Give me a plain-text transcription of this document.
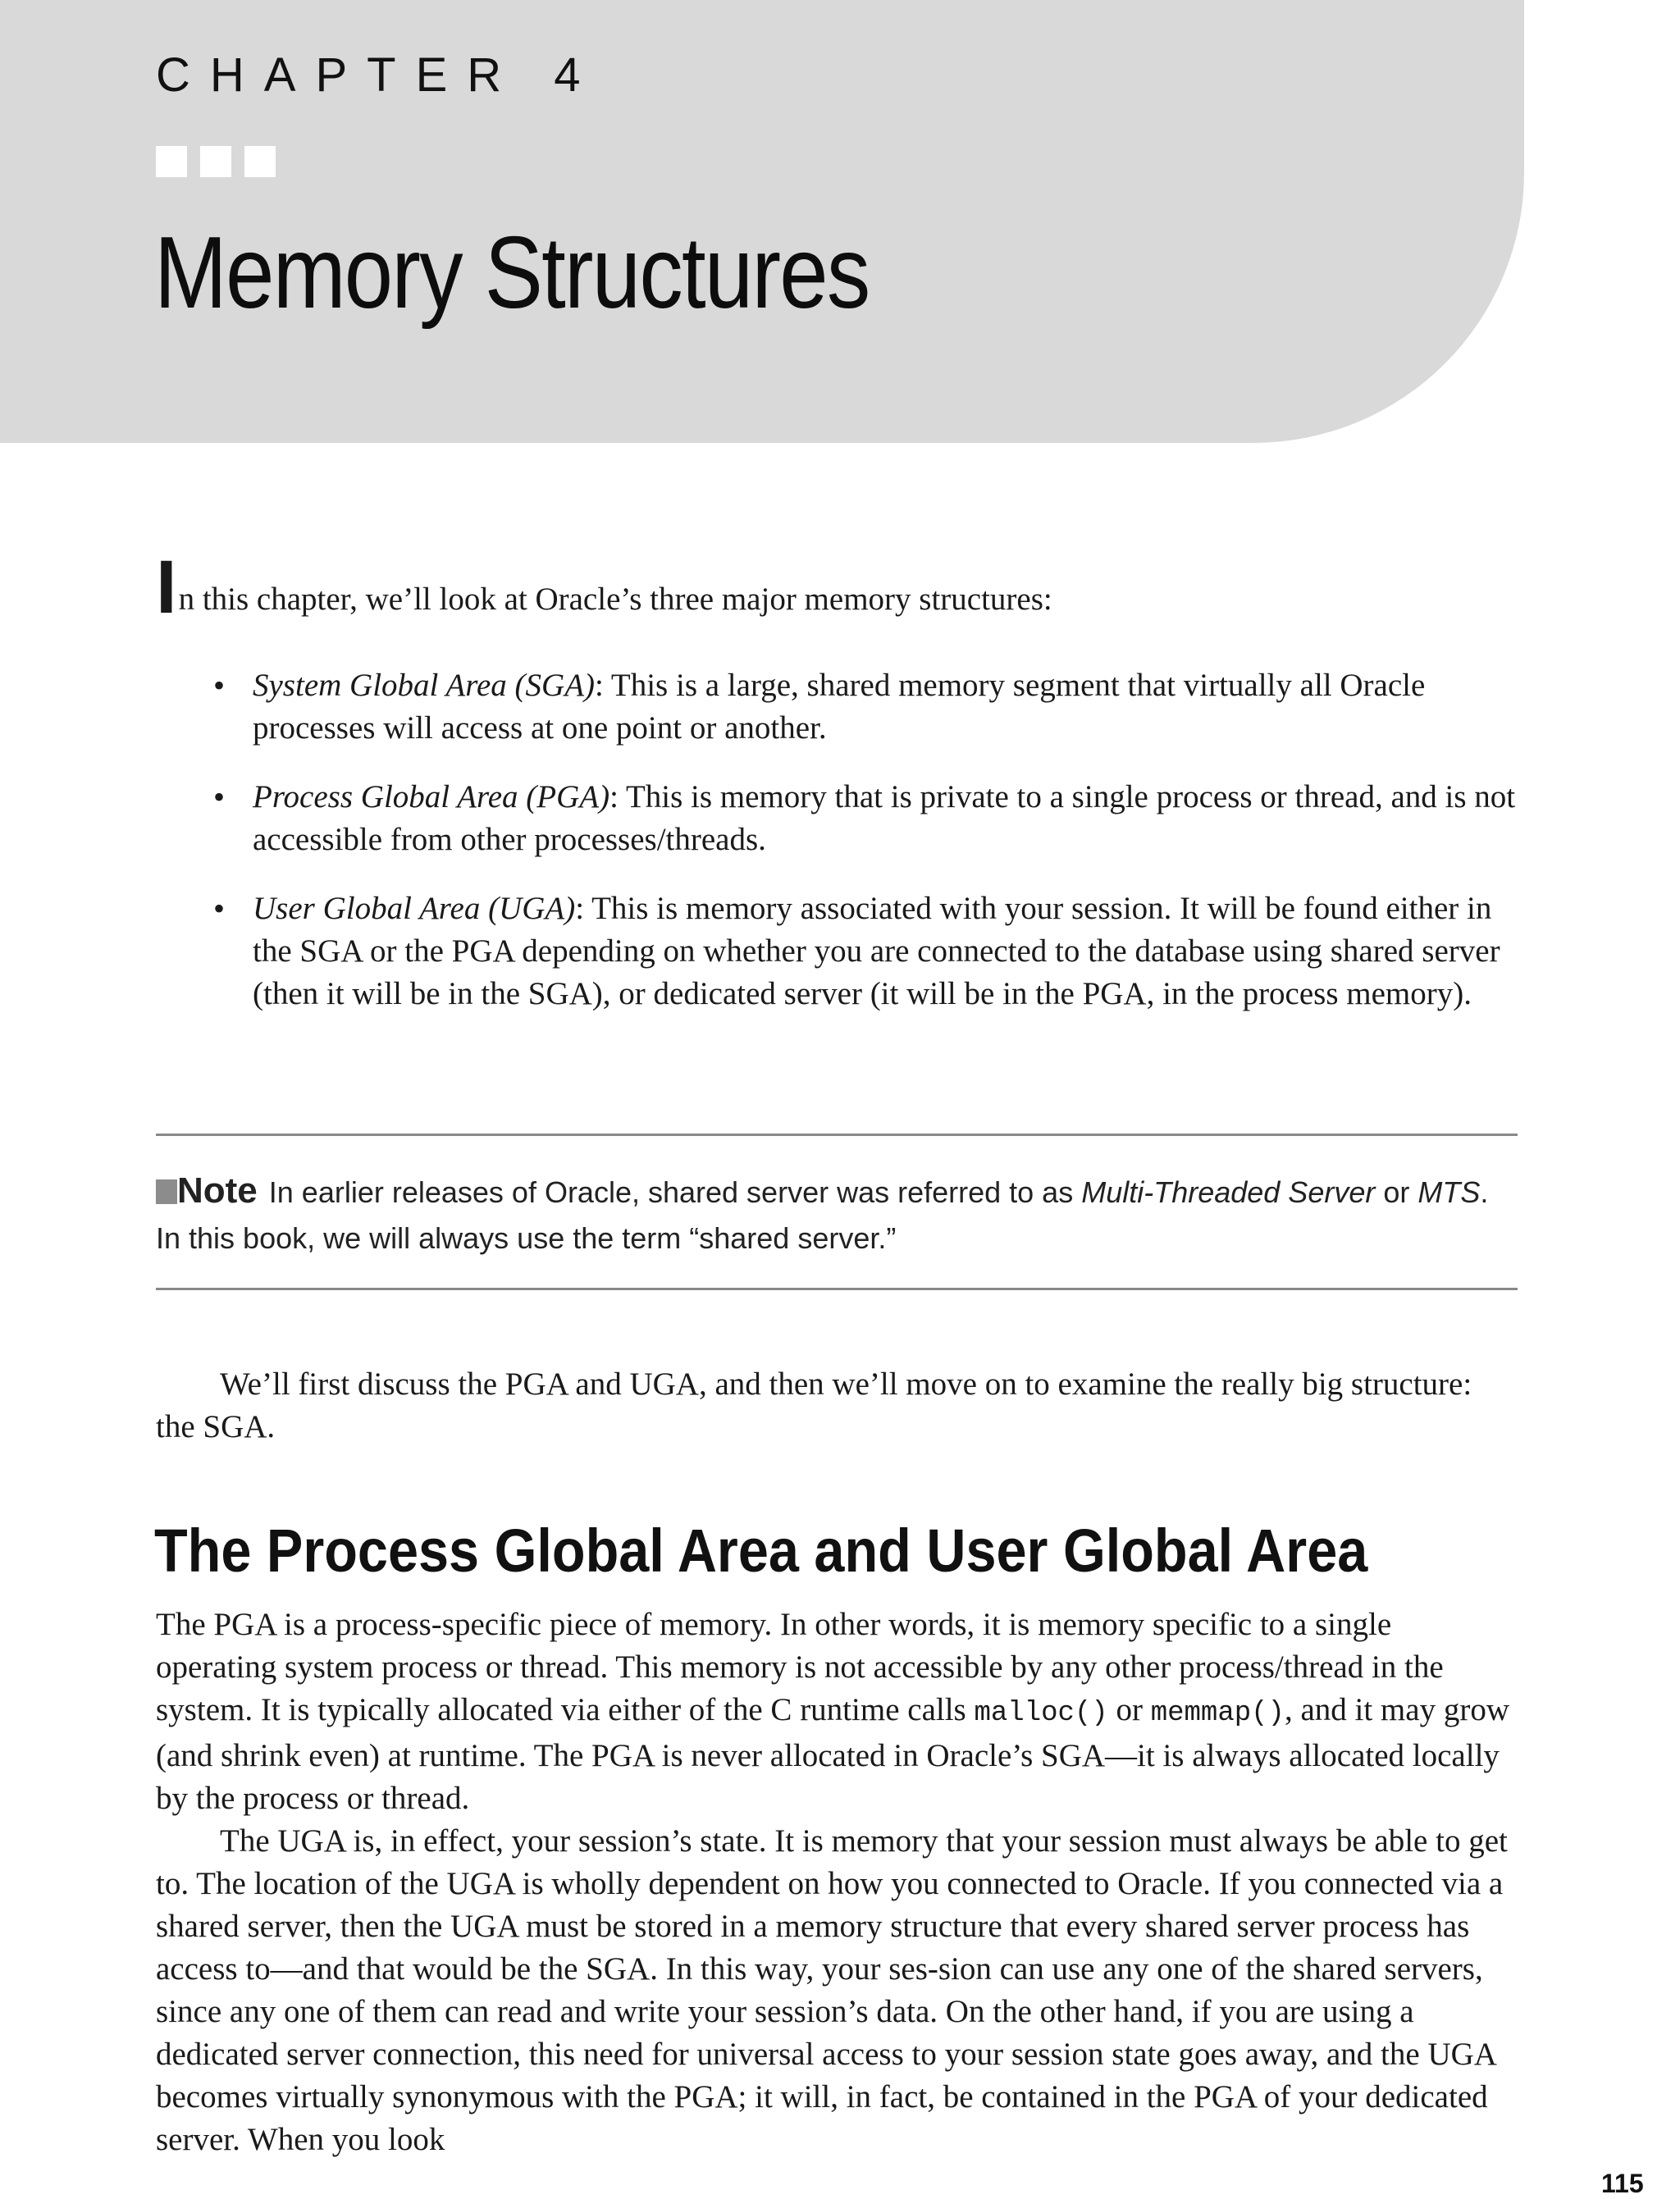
CHAPTER 4
Memory Structures

In this chapter, we’ll look at Oracle’s three major memory structures:

• System Global Area (SGA): This is a large, shared memory segment that virtually all Oracle processes will access at one point or another.
• Process Global Area (PGA): This is memory that is private to a single process or thread, and is not accessible from other processes/threads.
• User Global Area (UGA): This is memory associated with your session. It will be found either in the SGA or the PGA depending on whether you are connected to the database using shared server (then it will be in the SGA), or dedicated server (it will be in the PGA, in the process memory).

Note In earlier releases of Oracle, shared server was referred to as Multi-Threaded Server or MTS. In this book, we will always use the term “shared server.”

We’ll first discuss the PGA and UGA, and then we’ll move on to examine the really big structure: the SGA.

The Process Global Area and User Global Area

The PGA is a process-specific piece of memory. In other words, it is memory specific to a single operating system process or thread. This memory is not accessible by any other process/thread in the system. It is typically allocated via either of the C runtime calls malloc() or memmap(), and it may grow (and shrink even) at runtime. The PGA is never allocated in Oracle’s SGA—it is always allocated locally by the process or thread.

The UGA is, in effect, your session’s state. It is memory that your session must always be able to get to. The location of the UGA is wholly dependent on how you connected to Oracle. If you connected via a shared server, then the UGA must be stored in a memory structure that every shared server process has access to—and that would be the SGA. In this way, your ses-sion can use any one of the shared servers, since any one of them can read and write your session’s data. On the other hand, if you are using a dedicated server connection, this need for universal access to your session state goes away, and the UGA becomes virtually synonymous with the PGA; it will, in fact, be contained in the PGA of your dedicated server. When you look

115
